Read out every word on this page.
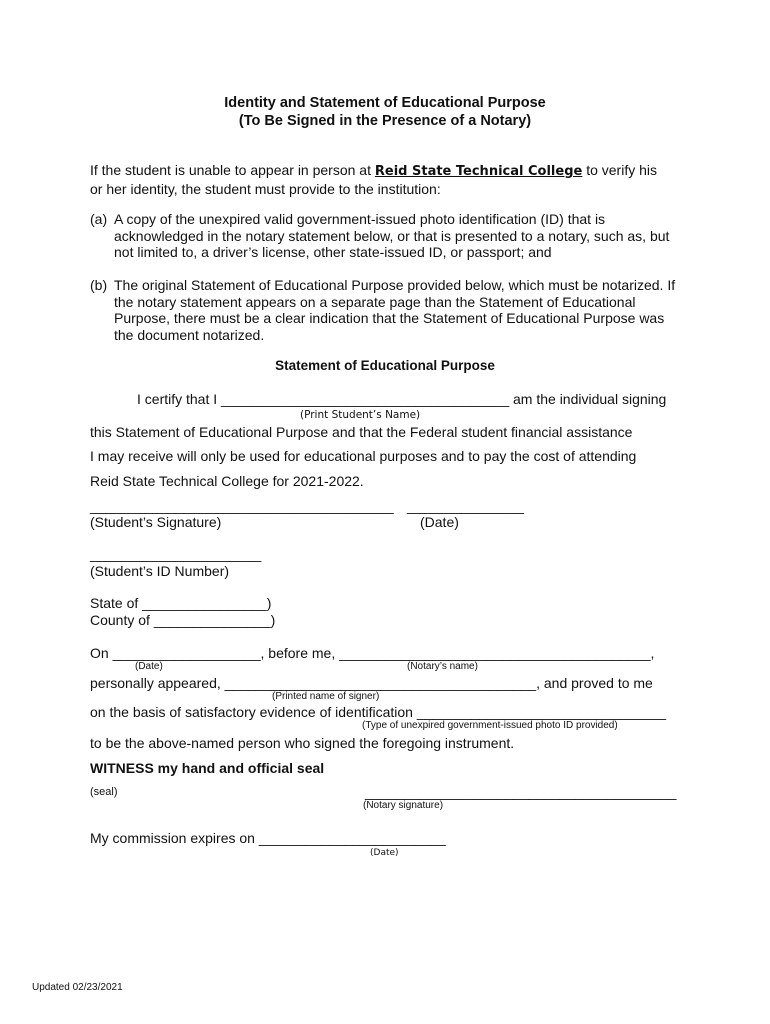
Identity and Statement of Educational Purpose
(To Be Signed in the Presence of a Notary)
If the student is unable to appear in person at Reid State Technical College to verify his
or her identity, the student must provide to the institution:
(a) A copy of the unexpired valid government-issued photo identification (ID) that is
acknowledged in the notary statement below, or that is presented to a notary, such as, but
not limited to, a driver’s license, other state-issued ID, or passport; and
(b) The original Statement of Educational Purpose provided below, which must be notarized. If
the notary statement appears on a separate page than the Statement of Educational
Purpose, there must be a clear indication that the Statement of Educational Purpose was
the document notarized.
Statement of Educational Purpose
I certify that I _____________________________________ am the individual signing
(Print Student’s Name)
this Statement of Educational Purpose and that the Federal student financial assistance
I may receive will only be used for educational purposes and to pay the cost of attending
Reid State Technical College for 2021-2022.
_______________________________________ _______________
(Student’s Signature)	(Date)
______________________
(Student’s ID Number)
State of ________________)
County of _______________)
On ___________________, before me, ________________________________________,
(Date)	(Notary’s name)
personally appeared, ________________________________________, and proved to me
(Printed name of signer)
on the basis of satisfactory evidence of identification ________________________________
(Type of unexpired government-issued photo ID provided)
to be the above-named person who signed the foregoing instrument.
WITNESS my hand and official seal
(seal)	________________________________________
(Notary signature)
My commission expires on ________________________
(Date)
Updated 02/23/2021
